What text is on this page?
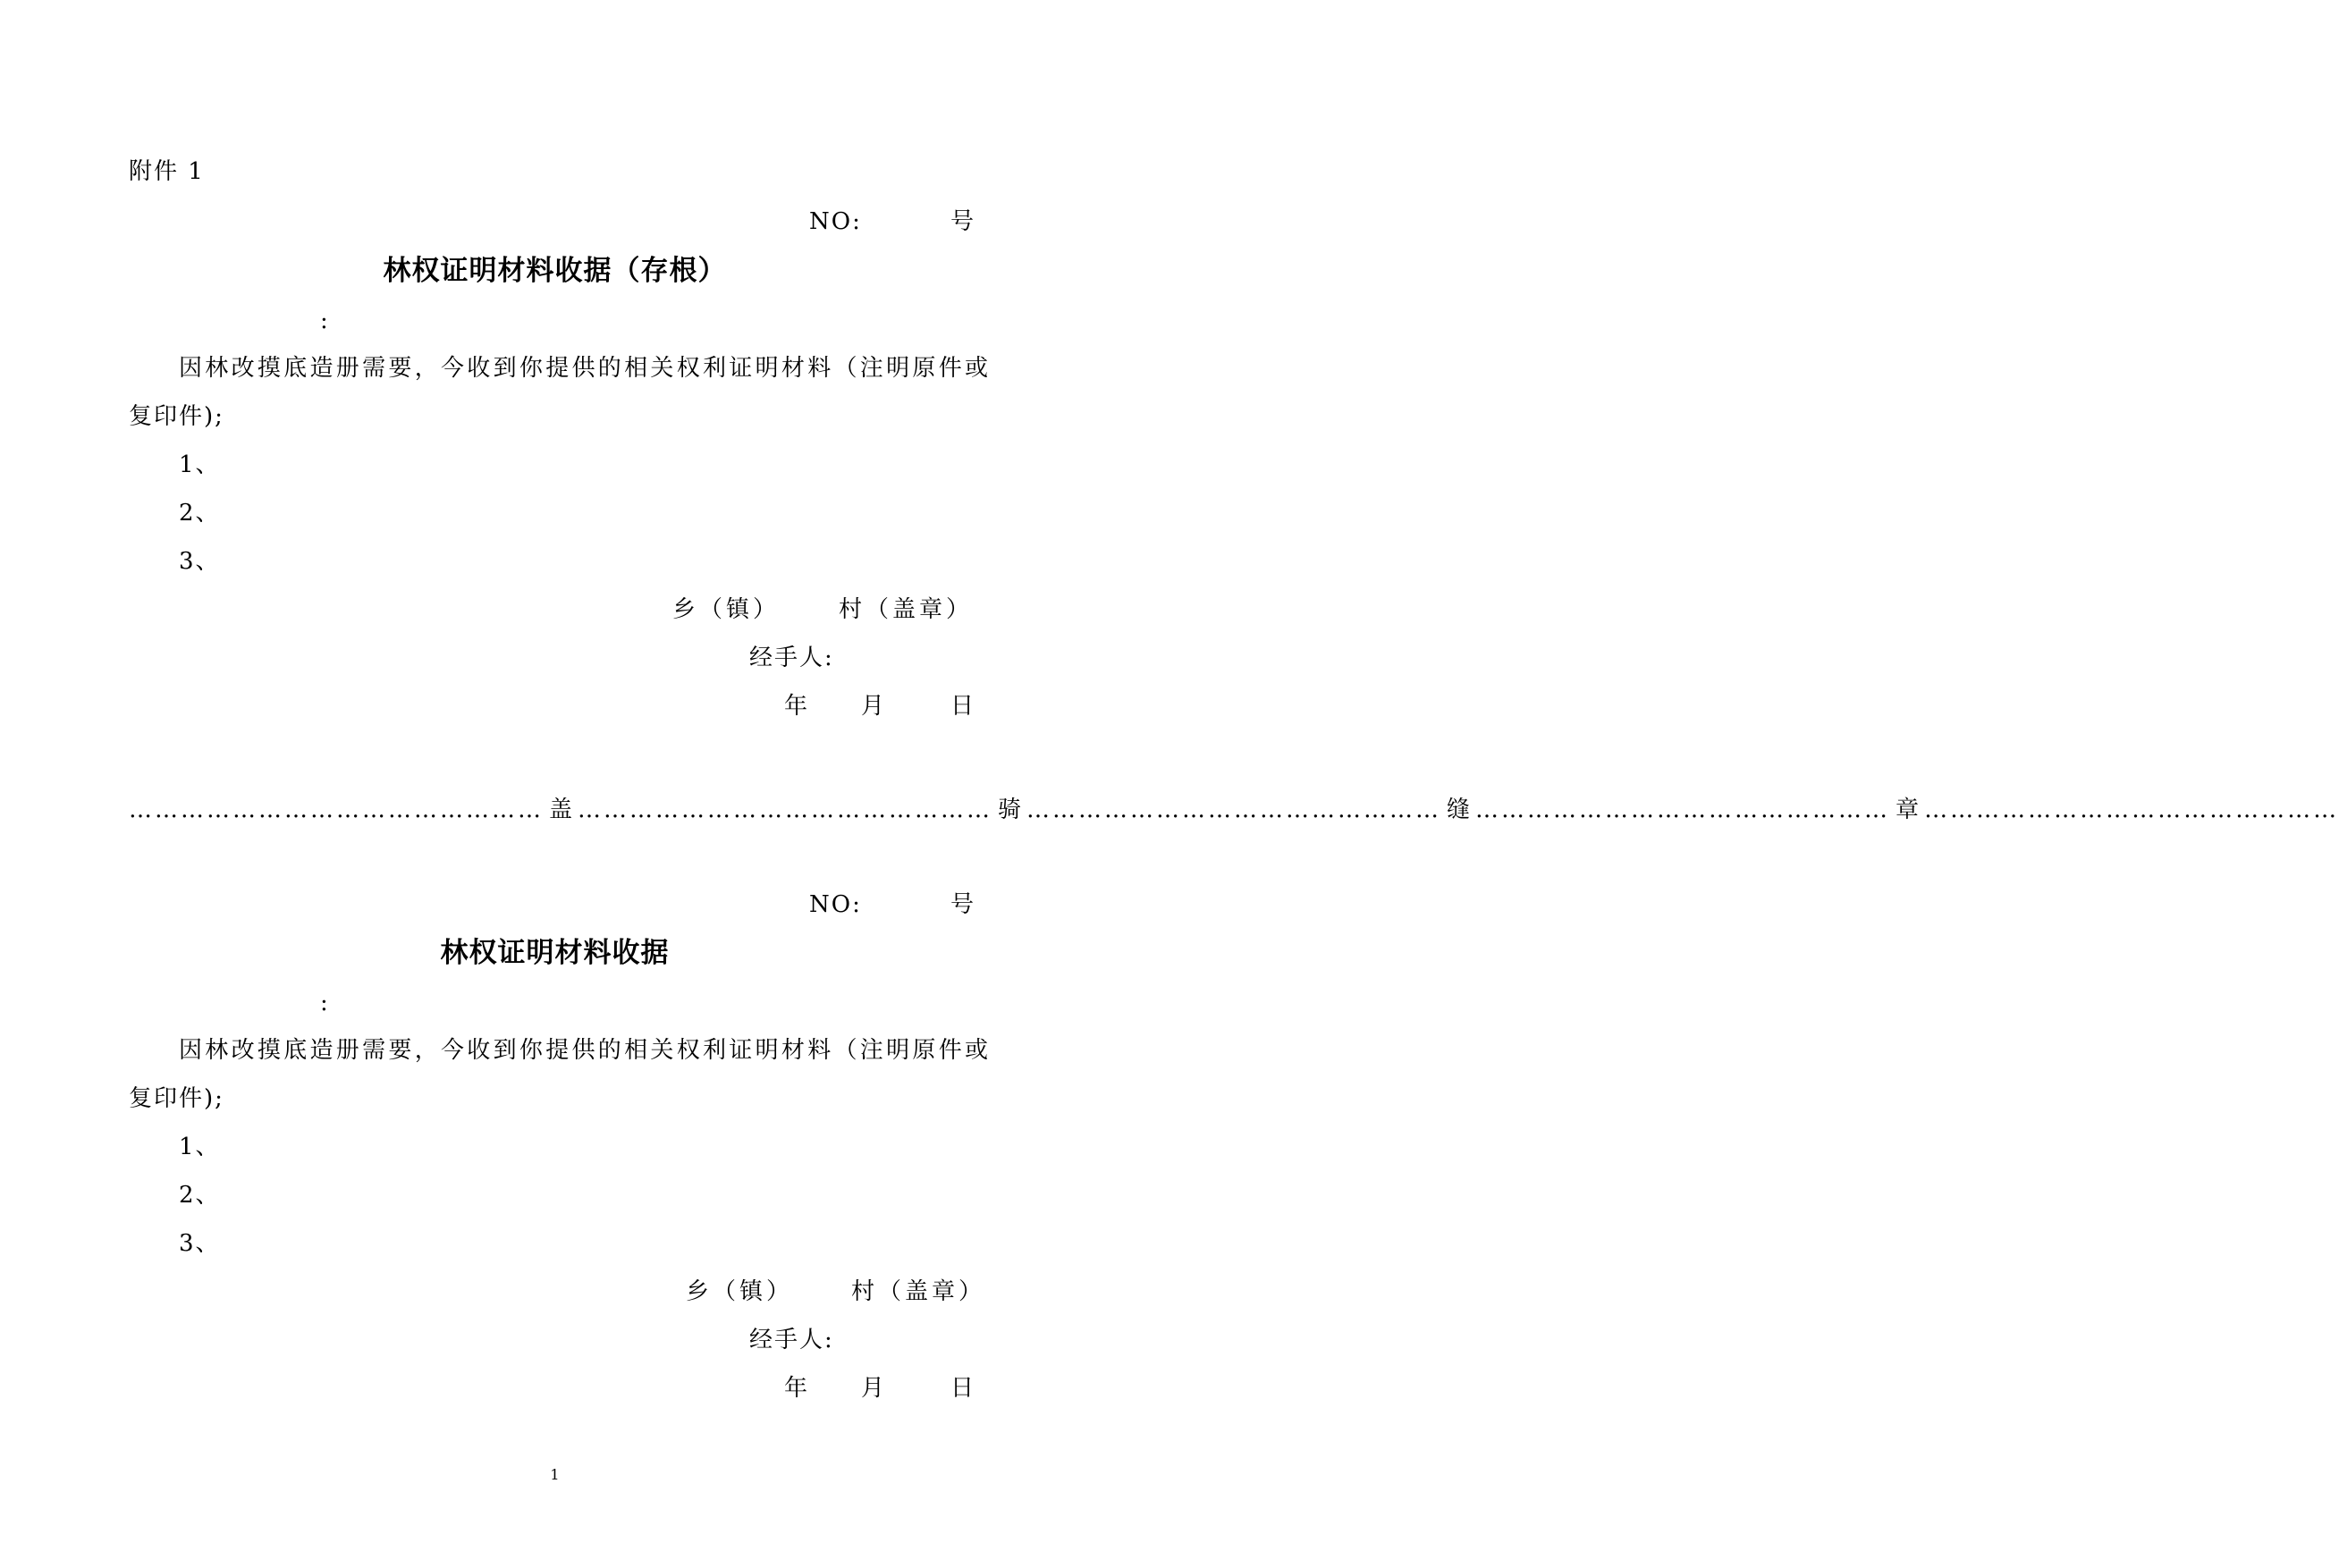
附件 1
NO:	号
林权证明材料收据（存根）
:
因林改摸底造册需要，今收到你提供的相关权利证明材料（注明原件或
复印件);
1、
2、
3、
乡（镇）	村（盖章）
经手人:
年 月	日
………………………………………… 盖 ………………………………………… 骑 ………………………………………… 缝 ………………………………………… 章 …………………………………………
NO:	号
林权证明材料收据
:
因林改摸底造册需要，今收到你提供的相关权利证明材料（注明原件或
复印件);
1、
2、
3、
乡（镇） 村（盖章）
经手人:
年 月	日
1
